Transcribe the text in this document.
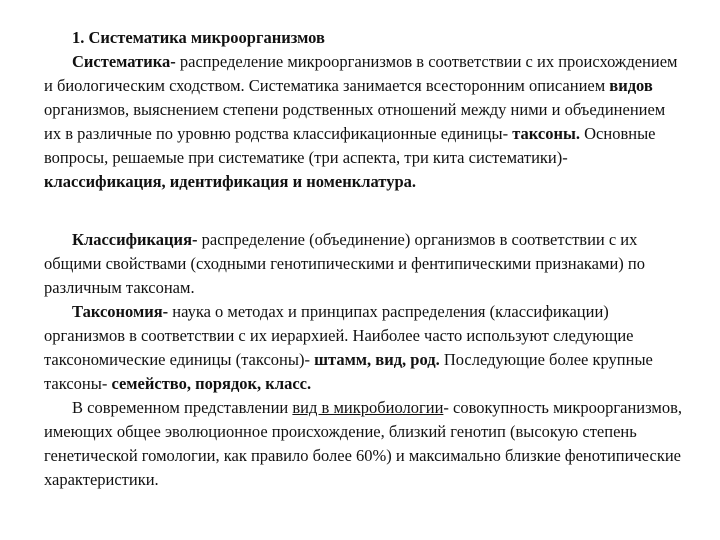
1. Систематика микроорганизмов

Систематика- распределение микроорганизмов в соответствии с их происхождением и биологическим сходством. Систематика занимается всесторонним описанием видов организмов, выяснением степени родственных отношений между ними и объединением их в различные по уровню родства классификационные единицы- таксоны. Основные вопросы, решаемые при систематике (три аспекта, три кита систематики)- классификация, идентификация и номенклатура.

Классификация- распределение (объединение) организмов в соответствии с их общими свойствами (сходными генотипическими и фентипическими признаками) по различным таксонам.

Таксономия- наука о методах и принципах распределения (классификации) организмов в соответствии с их иерархией. Наиболее часто используют следующие таксономические единицы (таксоны)- штамм, вид, род. Последующие более крупные таксоны- семейство, порядок, класс.

В современном представлении вид в микробиологии- совокупность микроорганизмов, имеющих общее эволюционное происхождение, близкий генотип (высокую степень генетической гомологии, как правило более 60%) и максимально близкие фенотипические характеристики.
